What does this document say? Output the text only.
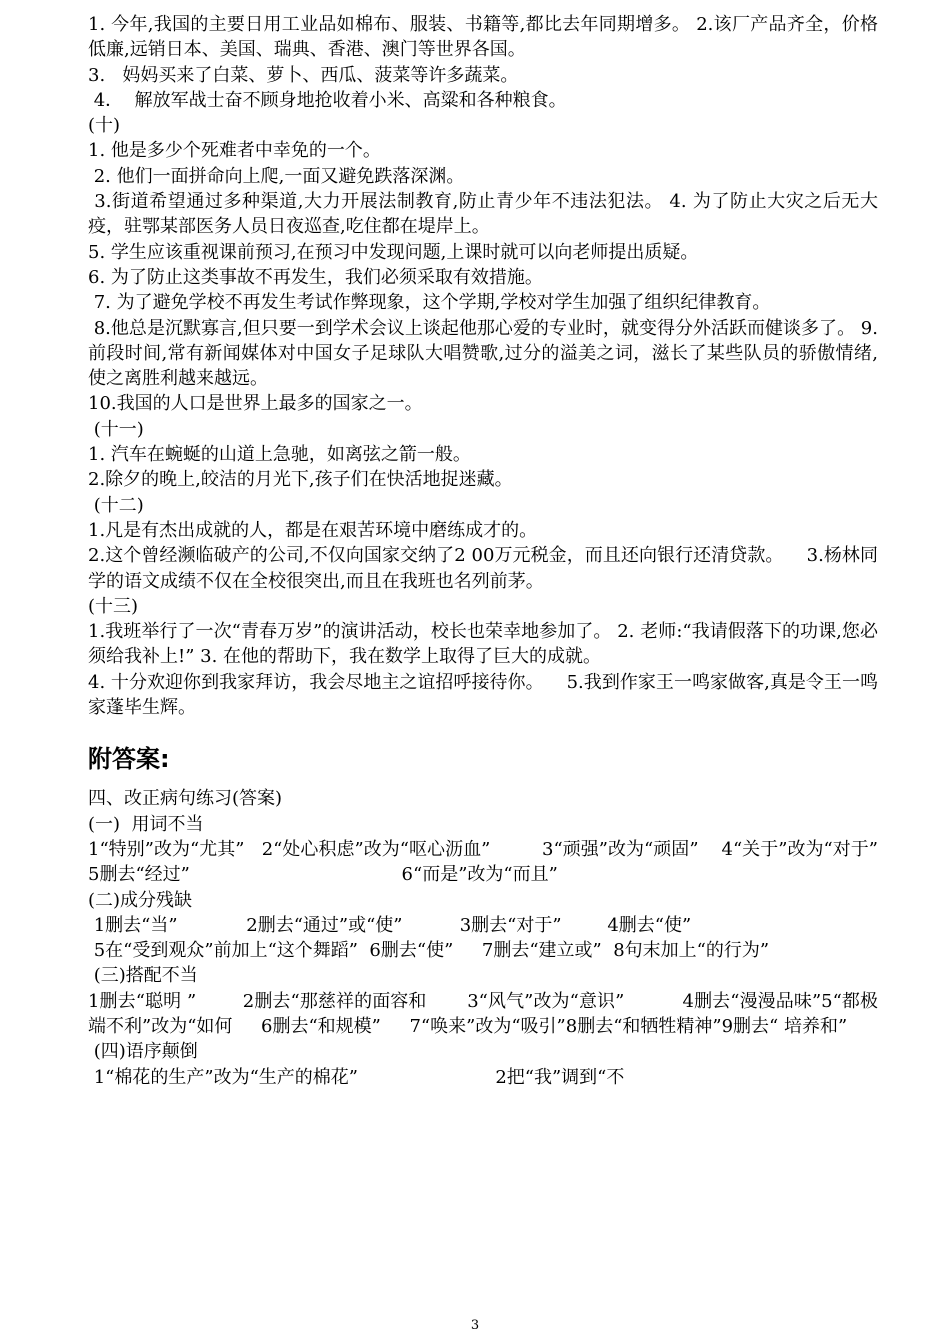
1. 今年,我国的主要日用工业品如棉布、服装、书籍等,都比去年同期增多。 2.该厂产品齐全，价格低廉,远销日本、美国、瑞典、香港、澳门等世界各国。
3.   妈妈买来了白菜、萝卜、西瓜、菠菜等许多蔬菜。
4．  解放军战士奋不顾身地抢收着小米、高粱和各种粮食。
(十)
1. 他是多少个死难者中幸免的一个。
2. 他们一面拼命向上爬,一面又避免跌落深渊。
3.街道希望通过多种渠道,大力开展法制教育,防止青少年不违法犯法。 4. 为了防止大灾之后无大疫，驻鄂某部医务人员日夜巡查,吃住都在堤岸上。
5. 学生应该重视课前预习,在预习中发现问题,上课时就可以向老师提出质疑。
6. 为了防止这类事故不再发生，我们必须采取有效措施。
7. 为了避免学校不再发生考试作弊现象，这个学期,学校对学生加强了组织纪律教育。
8.他总是沉默寡言,但只要一到学术会议上谈起他那心爱的专业时，就变得分外活跃而健谈多了。 9.前段时间,常有新闻媒体对中国女子足球队大唱赞歌,过分的溢美之词，滋长了某些队员的骄傲情绪,使之离胜利越来越远。
10.我国的人口是世界上最多的国家之一。
(十一)
1. 汽车在蜿蜒的山道上急驰，如离弦之箭一般。
2.除夕的晚上,皎洁的月光下,孩子们在快活地捉迷藏。
(十二)
1.凡是有杰出成就的人，都是在艰苦环境中磨练成才的。
2.这个曾经濒临破产的公司,不仅向国家交纳了2 00万元税金，而且还向银行还清贷款。    3.杨林同学的语文成绩不仅在全校很突出,而且在我班也名列前茅。
(十三)
1.我班举行了一次“青春万岁”的演讲活动，校长也荣幸地参加了。 2. 老师:“我请假落下的功课,您必须给我补上!” 3. 在他的帮助下，我在数学上取得了巨大的成就。
4. 十分欢迎你到我家拜访，我会尽地主之谊招呼接待你。    5.我到作家王一鸣家做客,真是令王一鸣家蓬毕生辉。
附答案:
四、改正病句练习(答案)
(一)  用词不当
1“特别”改为“尤其”   2“处心积虑”改为“呕心沥血”         3“顽强”改为“顽固”    4“关于”改为“对于”     5删去“经过”                                     6“而是”改为“而且”
(二)成分残缺
1删去“当”            2删去“通过”或“使”          3删去“对于”        4删去“使”
5在“受到观众”前加上“这个舞蹈”  6删去“使”     7删去“建立或”  8句末加上“的行为”
(三)搭配不当
1删去“聪明 ”        2删去“那慈祥的面容和       3“风气”改为“意识”          4删去“漫漫品味”5“都极端不利”改为“如何     6删去“和规模”     7“唤来”改为“吸引”8删去“和牺牲精神”9删去“ 培养和”
(四)语序颠倒
1“棉花的生产”改为“生产的棉花”                        2把“我”调到“不
3
